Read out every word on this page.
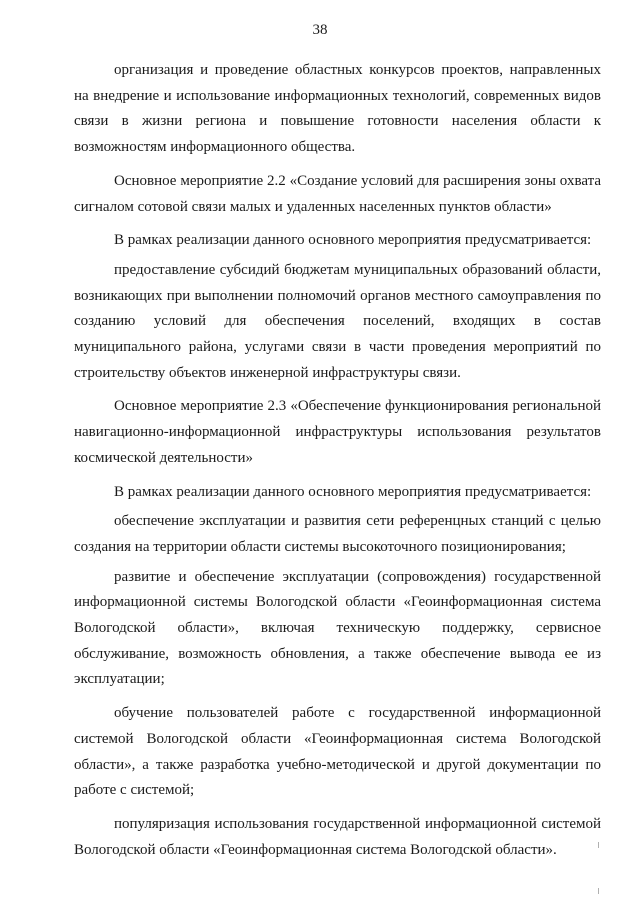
38

организация и проведение областных конкурсов проектов, направленных на внедрение и использование информационных технологий, современных видов связи в жизни региона и повышение готовности населения области к возможностям информационного общества.

Основное мероприятие 2.2 «Создание условий для расширения зоны охвата сигналом сотовой связи малых и удаленных населенных пунктов области»

В рамках реализации данного основного мероприятия предусматривается:

предоставление субсидий бюджетам муниципальных образований области, возникающих при выполнении полномочий органов местного самоуправления по созданию условий для обеспечения поселений, входящих в состав муниципального района, услугами связи в части проведения мероприятий по строительству объектов инженерной инфраструктуры связи.

Основное мероприятие 2.3 «Обеспечение функционирования региональной навигационно-информационной инфраструктуры использования результатов космической деятельности»

В рамках реализации данного основного мероприятия предусматривается:

обеспечение эксплуатации и развития сети референцных станций с целью создания на территории области системы высокоточного позиционирования;

развитие и обеспечение эксплуатации (сопровождения) государственной информационной системы Вологодской области «Геоинформационная система Вологодской области», включая техническую поддержку, сервисное обслуживание, возможность обновления, а также обеспечение вывода ее из эксплуатации;

обучение пользователей работе с государственной информационной системой Вологодской области «Геоинформационная система Вологодской области», а также разработка учебно-методической и другой документации по работе с системой;

популяризация использования государственной информационной системой Вологодской области «Геоинформационная система Вологодской области».
